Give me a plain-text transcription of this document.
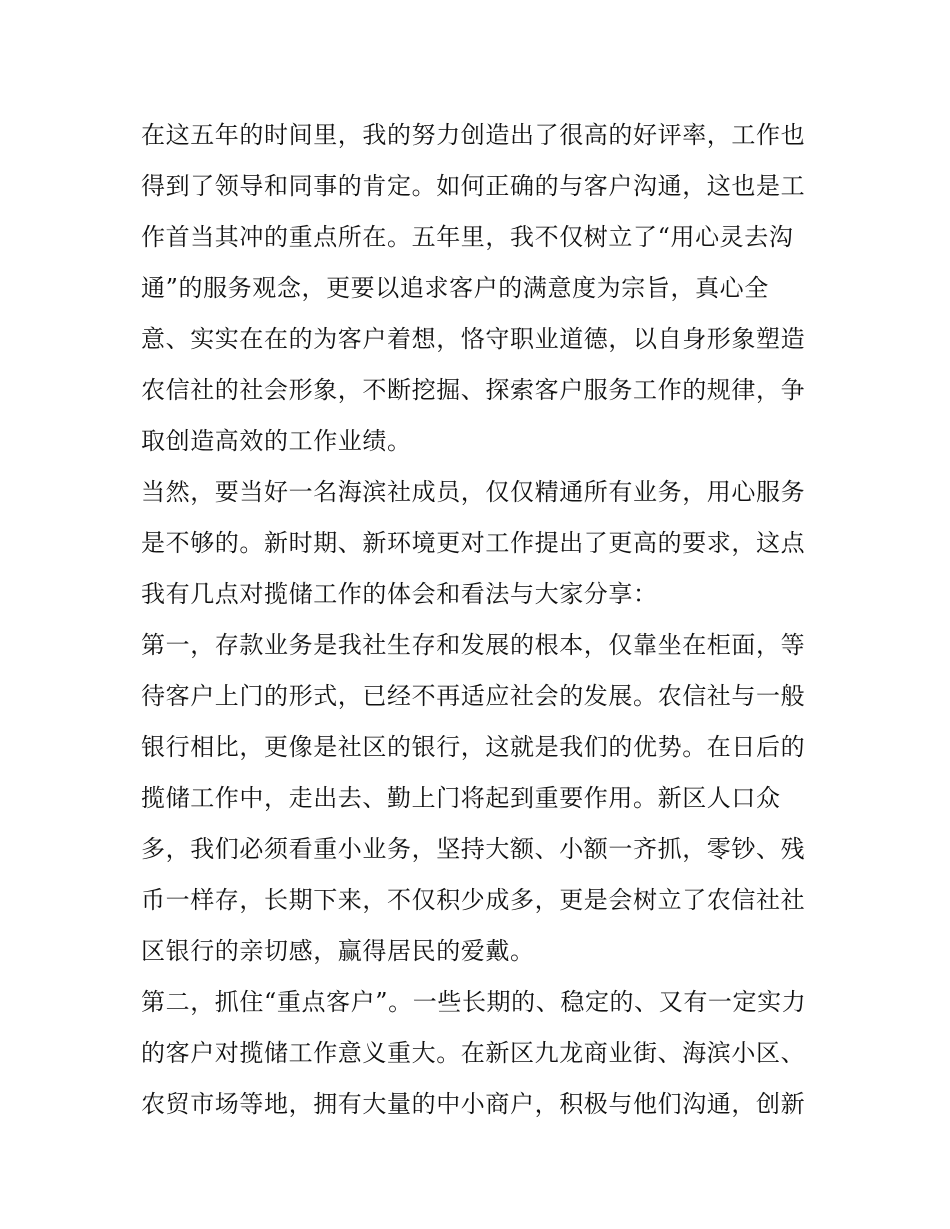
在这五年的时间里，我的努力创造出了很高的好评率，工作也
得到了领导和同事的肯定。如何正确的与客户沟通，这也是工
作首当其冲的重点所在。五年里，我不仅树立了“用心灵去沟
通”的服务观念，更要以追求客户的满意度为宗旨，真心全
意、实实在在的为客户着想，恪守职业道德，以自身形象塑造
农信社的社会形象，不断挖掘、探索客户服务工作的规律，争
取创造高效的工作业绩。
当然，要当好一名海滨社成员，仅仅精通所有业务，用心服务
是不够的。新时期、新环境更对工作提出了更高的要求，这点
我有几点对揽储工作的体会和看法与大家分享：
第一，存款业务是我社生存和发展的根本，仅靠坐在柜面，等
待客户上门的形式，已经不再适应社会的发展。农信社与一般
银行相比，更像是社区的银行，这就是我们的优势。在日后的
揽储工作中，走出去、勤上门将起到重要作用。新区人口众
多，我们必须看重小业务，坚持大额、小额一齐抓，零钞、残
币一样存，长期下来，不仅积少成多，更是会树立了农信社社
区银行的亲切感，赢得居民的爱戴。
第二，抓住“重点客户”。一些长期的、稳定的、又有一定实力
的客户对揽储工作意义重大。在新区九龙商业街、海滨小区、
农贸市场等地，拥有大量的中小商户，积极与他们沟通，创新
